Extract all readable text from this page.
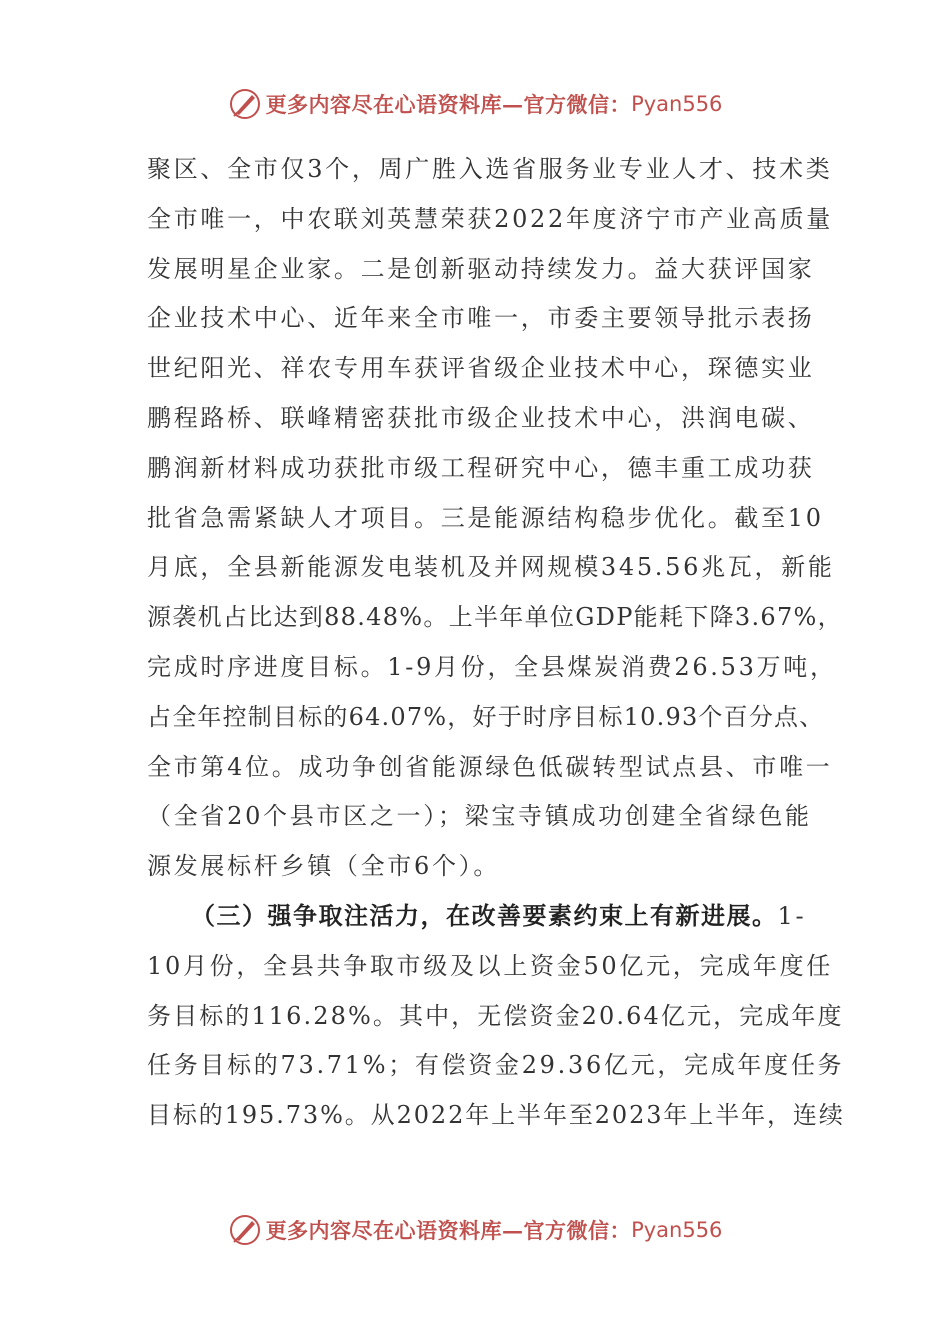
更多内容尽在心语资料库—官方微信： Pyan556
聚区、全市仅3个，周广胜入选省服务业专业人才、技术类
全市唯一，中农联刘英慧荣获2022年度济宁市产业高质量
发展明星企业家。二是创新驱动持续发力。益大获评国家
企业技术中心、近年来全市唯一，市委主要领导批示表扬
世纪阳光、祥农专用车获评省级企业技术中心，琛德实业
鹏程路桥、联峰精密获批市级企业技术中心，洪润电碳、
鹏润新材料成功获批市级工程研究中心，德丰重工成功获
批省急需紧缺人才项目。三是能源结构稳步优化。截至10
月底，全县新能源发电装机及并网规模345.56兆瓦，新能
源袭机占比达到88.48%。上半年单位GDP能耗下降3.67%，
完成时序进度目标。1-9月份，全县煤炭消费26.53万吨，
占全年控制目标的64.07%，好于时序目标10.93个百分点、
全市第4位。成功争创省能源绿色低碳转型试点县、市唯一
（全省20个县市区之一）；梁宝寺镇成功创建全省绿色能
源发展标杆乡镇（全市6个）。
（三）强争取注活力，在改善要素约束上有新进展。1-
10月份，全县共争取市级及以上资金50亿元，完成年度任
务目标的116.28%。其中，无偿资金20.64亿元，完成年度
任务目标的73.71%；有偿资金29.36亿元，完成年度任务
目标的195.73%。从2022年上半年至2023年上半年，连续
更多内容尽在心语资料库—官方微信： Pyan556
